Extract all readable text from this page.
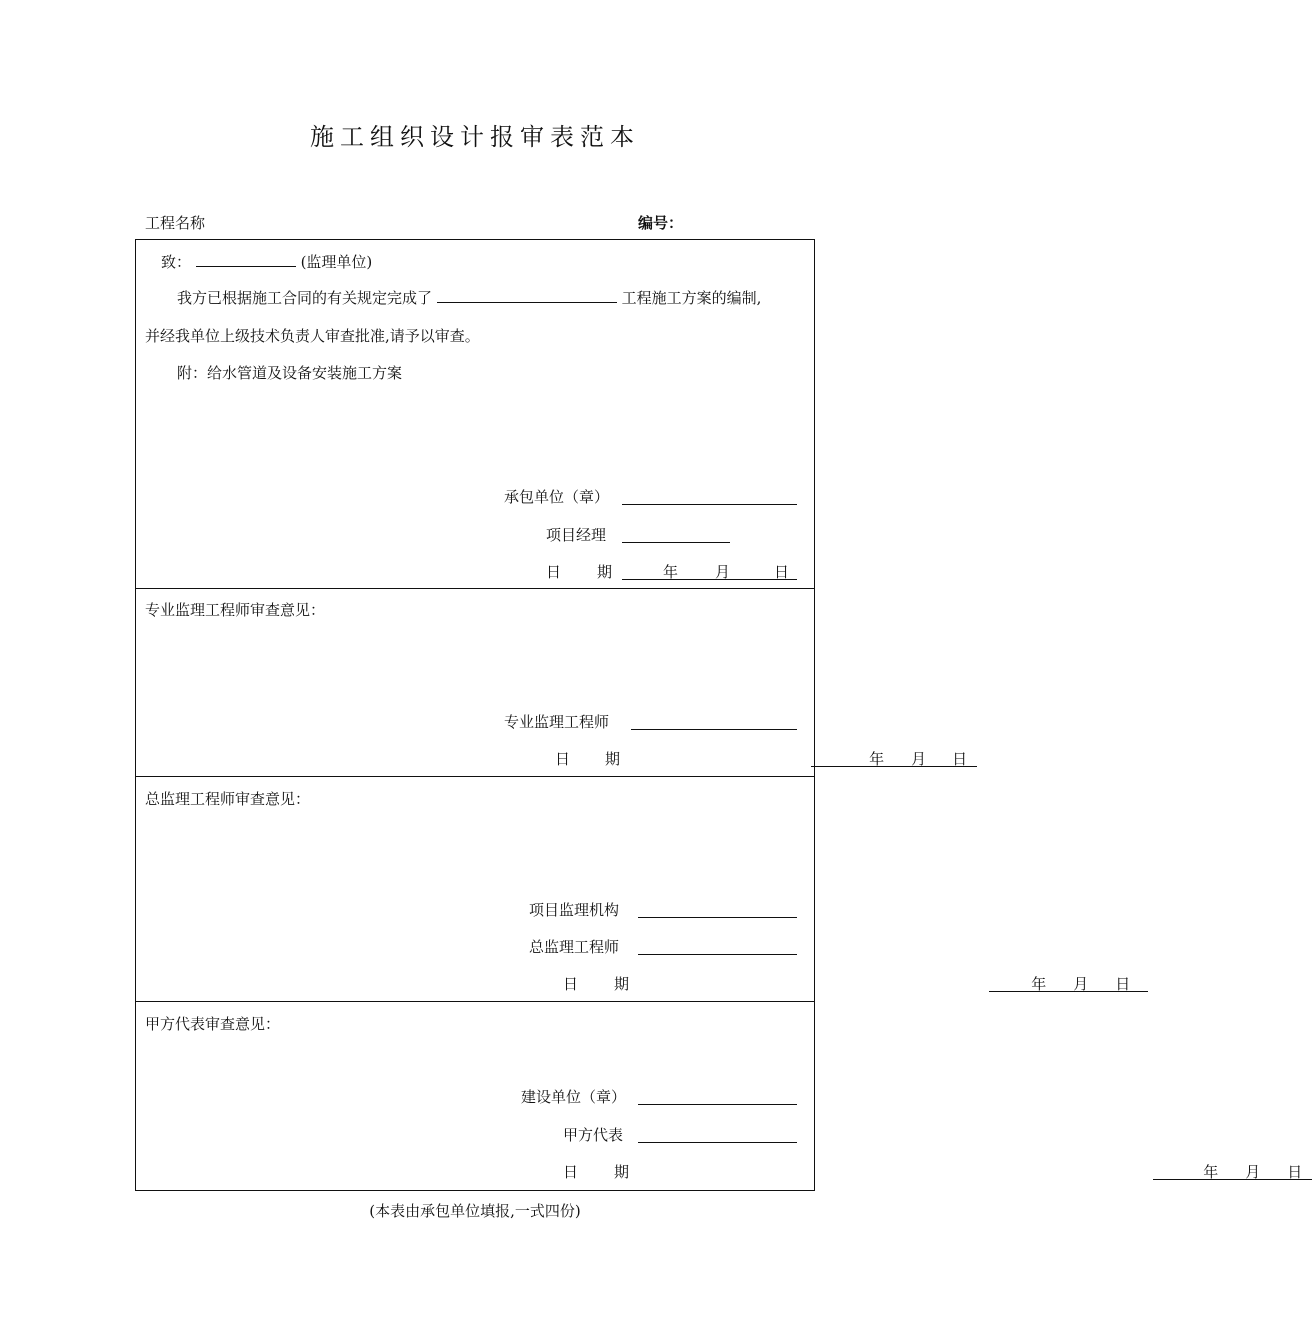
施工组织设计报审表范本
工程名称	编号：
致：	(监理单位)
我方已根据施工合同的有关规定完成了	工程施工方案的编制,
并经我单位上级技术负责人审查批准,请予以审查。
附：给水管道及设备安装施工方案
承包单位（章）
项目经理
日 期	年 月	日

专业监理工程师审查意见：
专业监理工程师
日 期	年 月 日

总监理工程师审查意见：
项目监理机构
总监理工程师
日 期	年 月 日

甲方代表审查意见：
建设单位（章）
甲方代表
日 期	年 月 日
(本表由承包单位填报,一式四份)
